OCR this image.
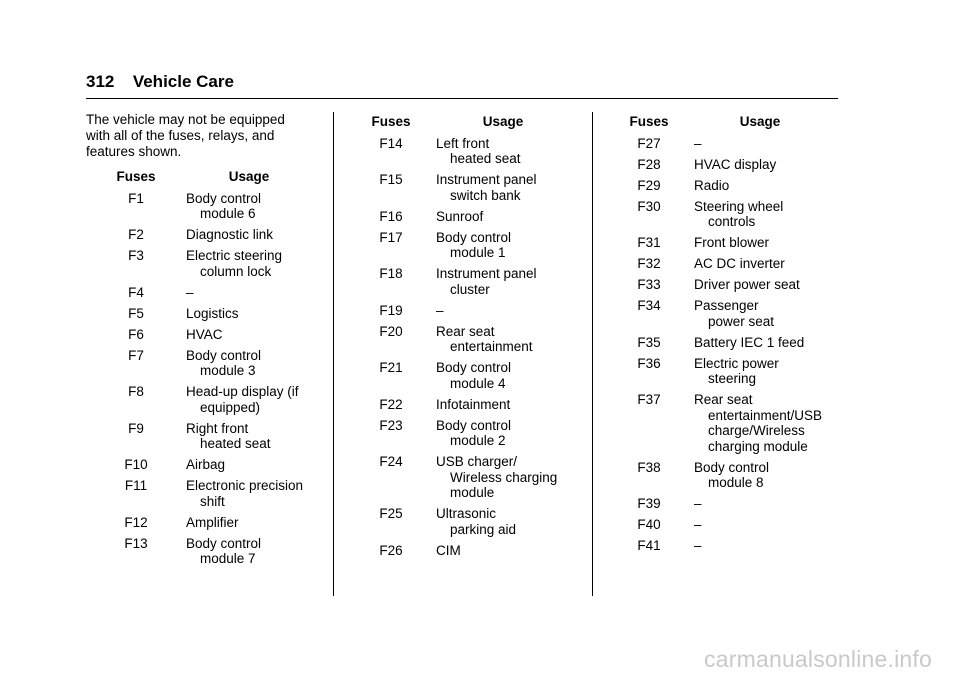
312 Vehicle Care

The vehicle may not be equipped
with all of the fuses, relays, and
features shown.

Fuses	Usage
F1	Body control
module 6
F2	Diagnostic link
F3	Electric steering
column lock
F4	–
F5	Logistics
F6	HVAC
F7	Body control
module 3
F8	Head-up display (if
equipped)
F9	Right front
heated seat
F10	Airbag
F11	Electronic precision
shift
F12	Amplifier
F13	Body control
module 7
Fuses	Usage
F14	Left front
heated seat
F15	Instrument panel
switch bank
F16	Sunroof
F17	Body control
module 1
F18	Instrument panel
cluster
F19	–
F20	Rear seat
entertainment
F21	Body control
module 4
F22	Infotainment
F23	Body control
module 2
F24	USB charger/
Wireless charging
module
F25	Ultrasonic
parking aid
F26	CIM
Fuses	Usage
F27	–
F28	HVAC display
F29	Radio
F30	Steering wheel
controls
F31	Front blower
F32	AC DC inverter
F33	Driver power seat
F34	Passenger
power seat
F35	Battery IEC 1 feed
F36	Electric power
steering
F37	Rear seat
entertainment/USB
charge/Wireless
charging module
F38	Body control
module 8
F39	–
F40	–
F41	–
carmanualsonline.info
